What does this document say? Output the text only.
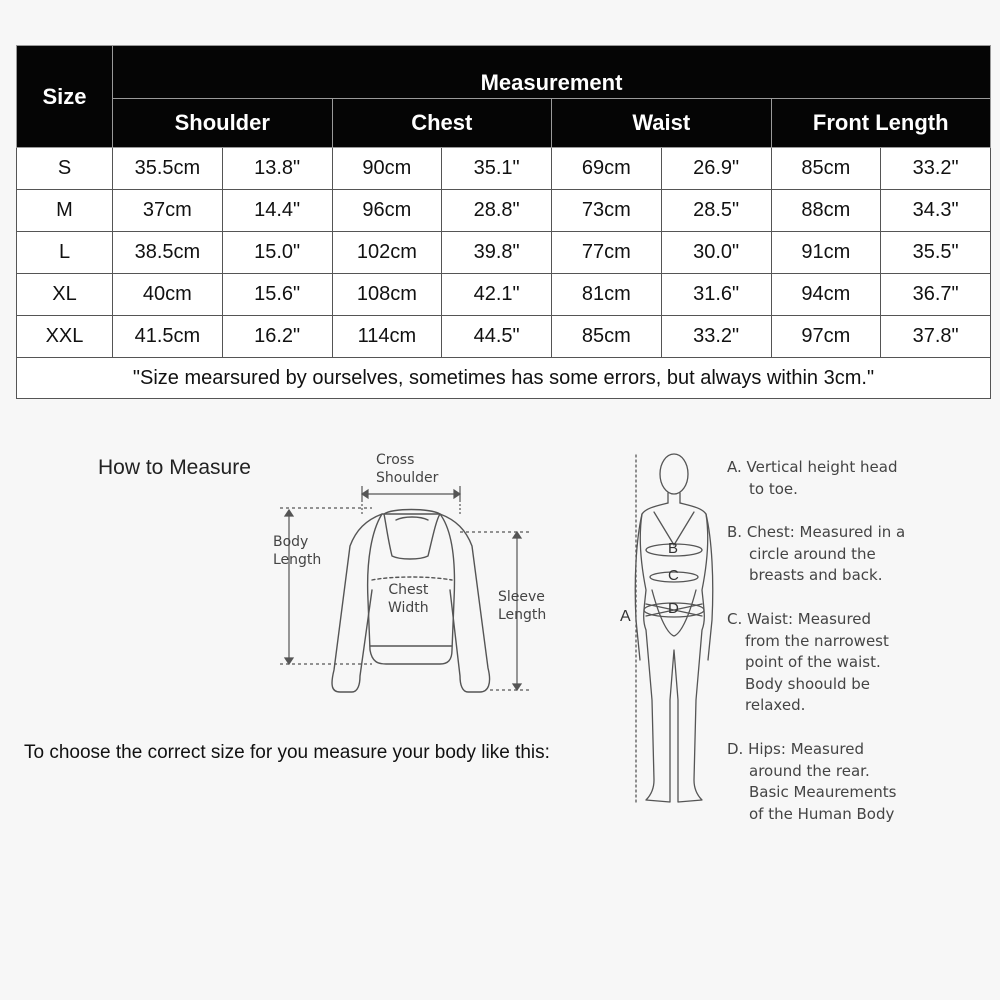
Size	Measurement							
	Shoulder		Chest		Waist		Front Length	
S	35.5cm	13.8"	90cm	35.1"	69cm	26.9"	85cm	33.2"
M	37cm	14.4"	96cm	28.8"	73cm	28.5"	88cm	34.3"
L	38.5cm	15.0"	102cm	39.8"	77cm	30.0"	91cm	35.5"
XL	40cm	15.6"	108cm	42.1"	81cm	31.6"	94cm	36.7"
XXL	41.5cm	16.2"	114cm	44.5"	85cm	33.2"	97cm	37.8"
"Size mearsured by ourselves, sometimes has some errors, but always within 3cm."								
How to Measure
To choose the correct size for you measure your body like this:
Cross
Shoulder
Body
Length
Chest
Width
Sleeve
Length
B
C
D
A
A. Vertical height head
to toe.
B. Chest: Measured in a
circle around the
breasts and back.
C. Waist: Measured
from the narrowest
point of the waist.
Body shoould be
relaxed.
D. Hips: Measured
around the rear.
Basic Meaurements
of the Human Body
